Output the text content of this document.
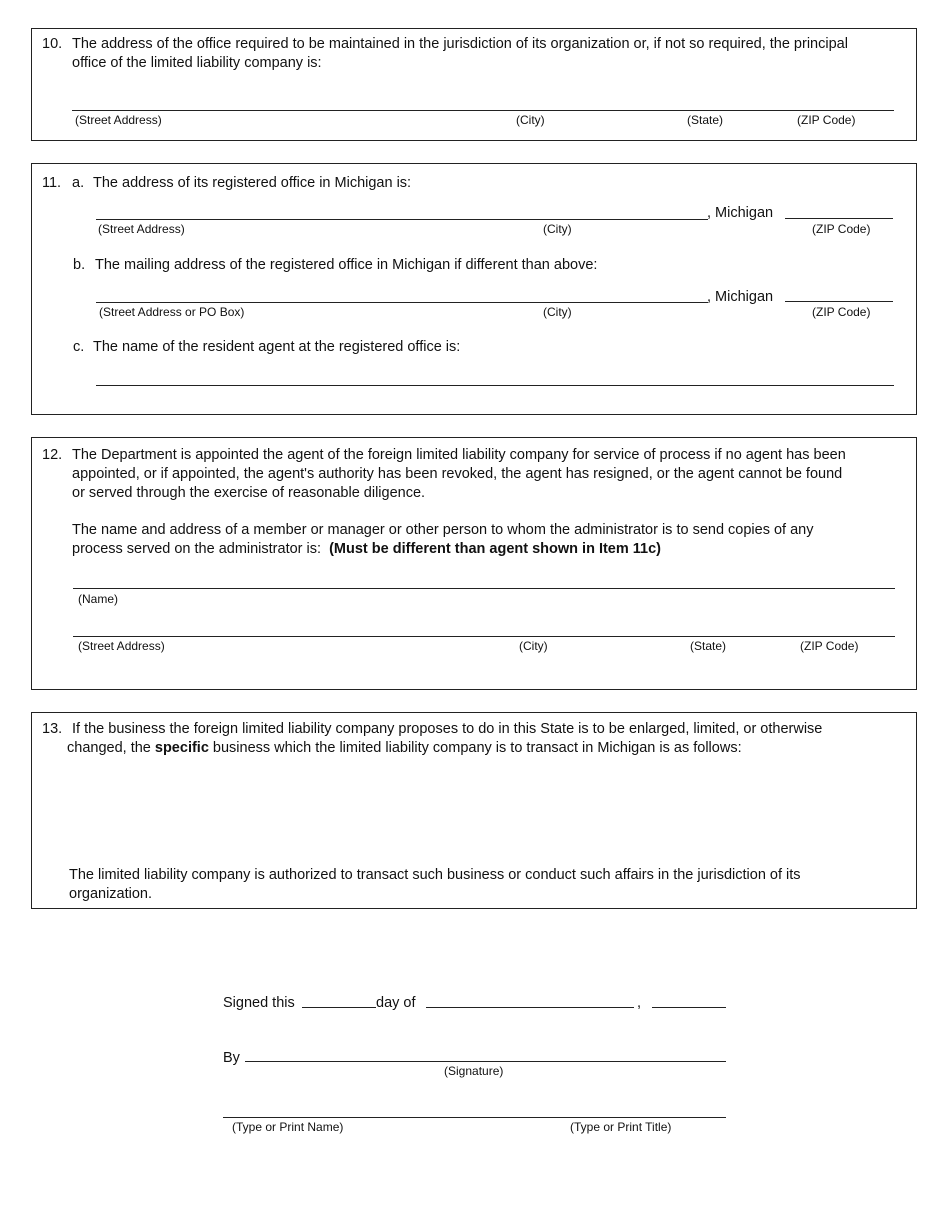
10. The address of the office required to be maintained in the jurisdiction of its organization or, if not so required, the principal
office of the limited liability company is:
(Street Address)	(City)	(State)	(ZIP Code)
11. a. The address of its registered office in Michigan is:
, Michigan
(Street Address)	(City)	(ZIP Code)
b. The mailing address of the registered office in Michigan if different than above:
, Michigan
(Street Address or PO Box)	(City)	(ZIP Code)
c. The name of the resident agent at the registered office is:
12. The Department is appointed the agent of the foreign limited liability company for service of process if no agent has been
appointed, or if appointed, the agent's authority has been revoked, the agent has resigned, or the agent cannot be found
or served through the exercise of reasonable diligence.
The name and address of a member or manager or other person to whom the administrator is to send copies of any
process served on the administrator is: (Must be different than agent shown in Item 11c)
(Name)
(Street Address)	(City)	(State)	(ZIP Code)
13. If the business the foreign limited liability company proposes to do in this State is to be enlarged, limited, or otherwise
changed, the specific business which the limited liability company is to transact in Michigan is as follows:
The limited liability company is authorized to transact such business or conduct such affairs in the jurisdiction of its
organization.
Signed this	day of	,
By
(Signature)
(Type or Print Name)	(Type or Print Title)
